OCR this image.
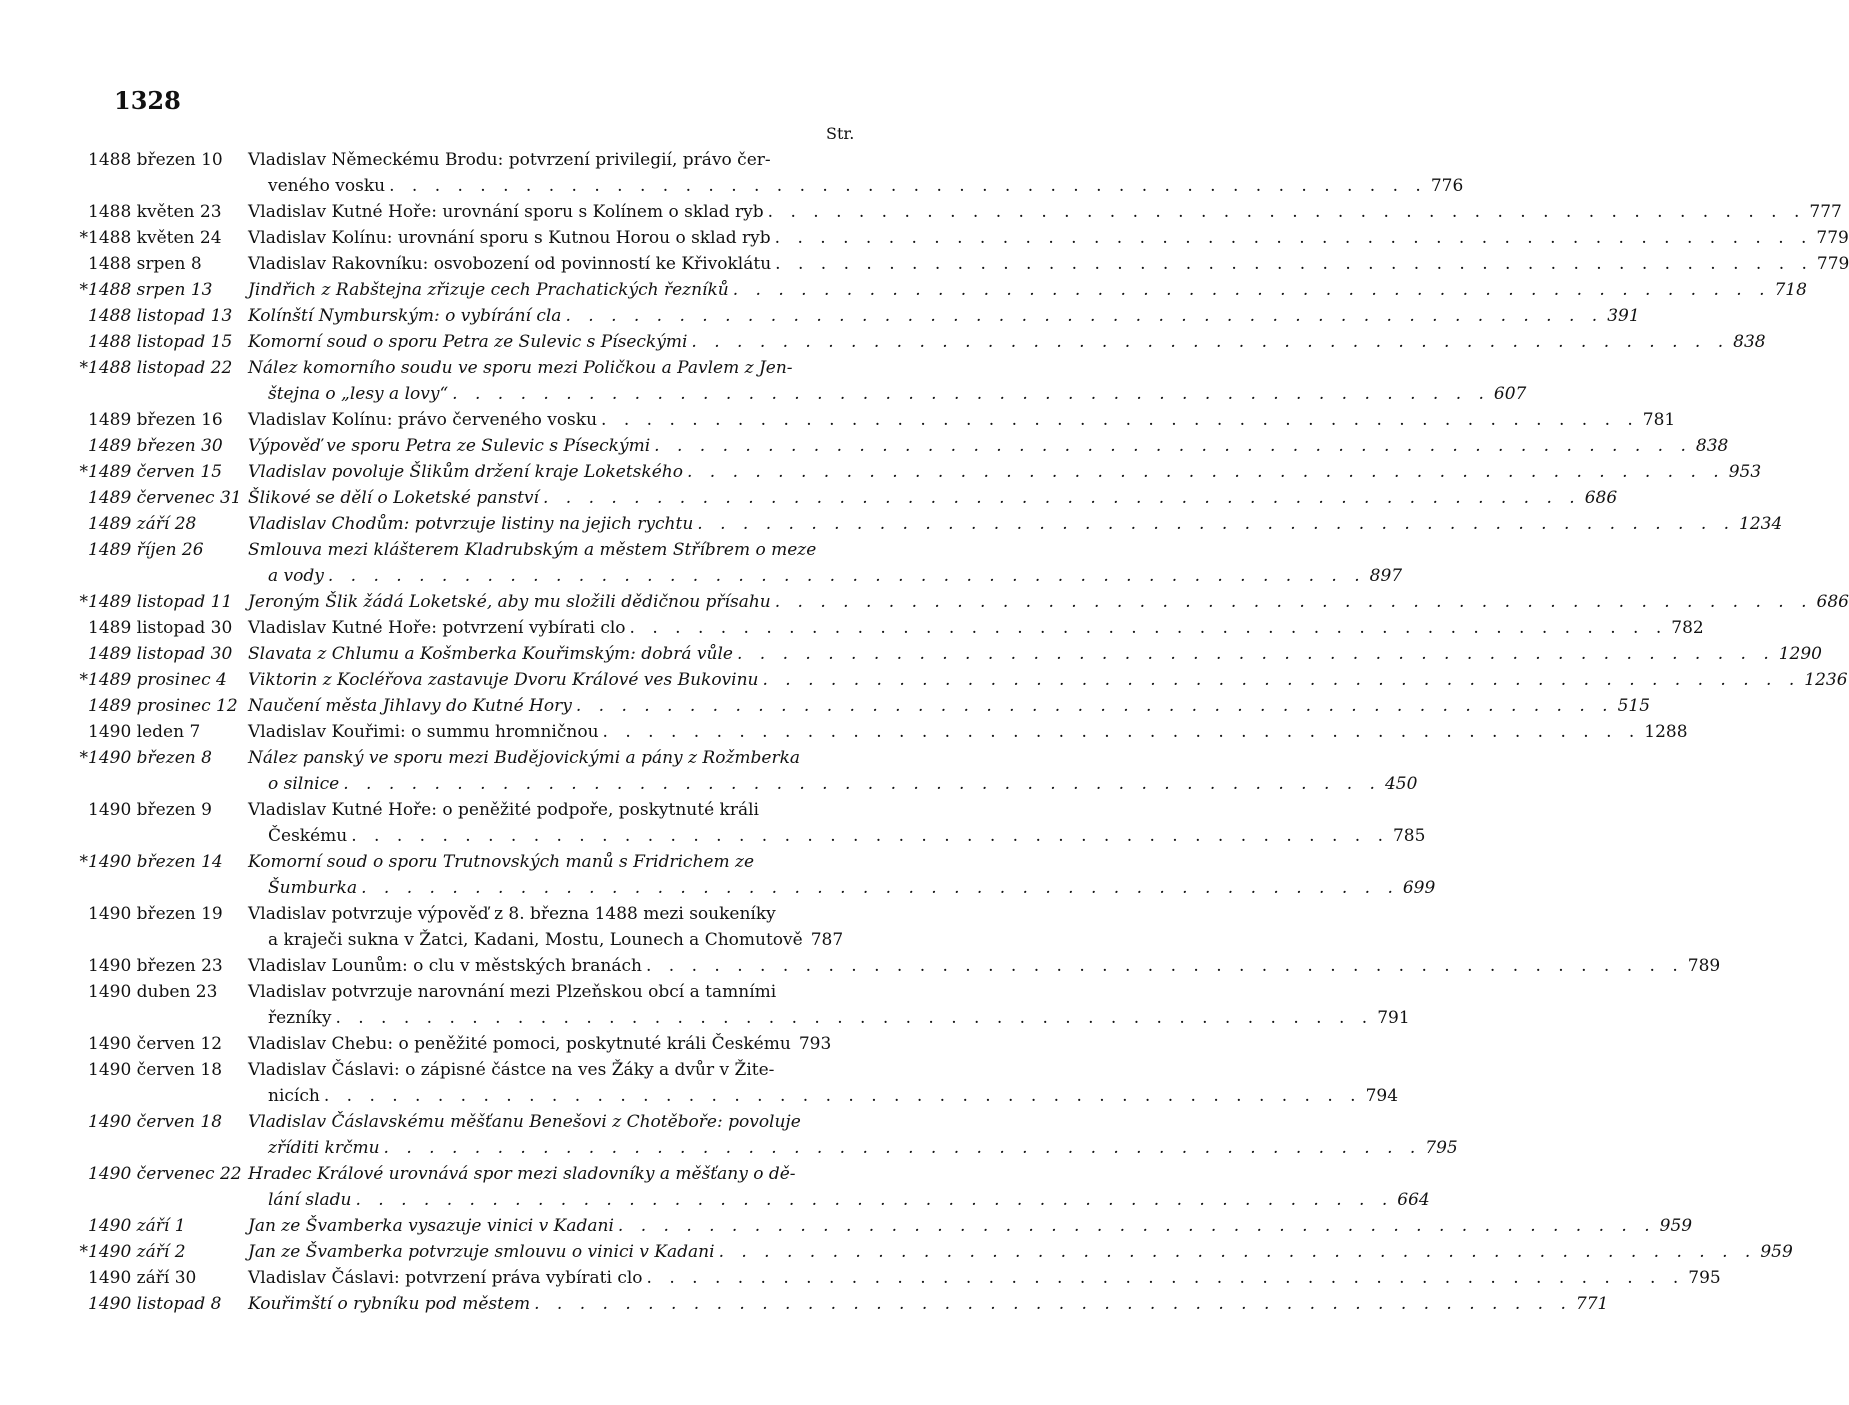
1328
Str.
1488 březen 10	Vladislav Německému Brodu: potvrzení privilegií, právo čer-
veného vosku . . . . . . . . . . . . . . . . . . . . . . . . . . . . . . . . . . . . . . . . . . . . . . 776
1488 květen 23	Vladislav Kutné Hoře: urovnání sporu s Kolínem o sklad ryb . . . . . . . . . . . . . . . . . . . . . . . . . . . . . . . . . . . . . . . . . . . . . . 777
* 1488 květen 24	Vladislav Kolínu: urovnání sporu s Kutnou Horou o sklad ryb . . . . . . . . . . . . . . . . . . . . . . . . . . . . . . . . . . . . . . . . . . . . . . 779
1488 srpen 8	Vladislav Rakovníku: osvobození od povinností ke Křivoklátu . . . . . . . . . . . . . . . . . . . . . . . . . . . . . . . . . . . . . . . . . . . . . . 779
* 1488 srpen 13	Jindřich z Rabštejna zřizuje cech Prachatických řezníků . . . . . . . . . . . . . . . . . . . . . . . . . . . . . . . . . . . . . . . . . . . . . . 718
1488 listopad 13 Kolínští Nymburským: o vybírání cla . . . . . . . . . . . . . . . . . . . . . . . . . . . . . . . . . . . . . . . . . . . . . . 391
1488 listopad 15 Komorní soud o sporu Petra ze Sulevic s Píseckými . . . . . . . . . . . . . . . . . . . . . . . . . . . . . . . . . . . . . . . . . . . . . . 838
* 1488 listopad 22 Nález komorního soudu ve sporu mezi Poličkou a Pavlem z Jen-
štejna o „lesy a lovy“ . . . . . . . . . . . . . . . . . . . . . . . . . . . . . . . . . . . . . . . . . . . . . . 607
1489 březen 16	Vladislav Kolínu: právo červeného vosku . . . . . . . . . . . . . . . . . . . . . . . . . . . . . . . . . . . . . . . . . . . . . . 781
1489 březen 30	Výpověď ve sporu Petra ze Sulevic s Píseckými . . . . . . . . . . . . . . . . . . . . . . . . . . . . . . . . . . . . . . . . . . . . . . 838
* 1489 červen 15	Vladislav povoluje Šlikům držení kraje Loketského . . . . . . . . . . . . . . . . . . . . . . . . . . . . . . . . . . . . . . . . . . . . . . 953
1489 červenec 31 Šlikové se dělí o Loketské panství . . . . . . . . . . . . . . . . . . . . . . . . . . . . . . . . . . . . . . . . . . . . . . 686
1489 září 28	Vladislav Chodům: potvrzuje listiny na jejich rychtu . . . . . . . . . . . . . . . . . . . . . . . . . . . . . . . . . . . . . . . . . . . . . . 1234
1489 říjen 26	Smlouva mezi klášterem Kladrubským a městem Stříbrem o meze
a vody . . . . . . . . . . . . . . . . . . . . . . . . . . . . . . . . . . . . . . . . . . . . . . 897
* 1489 listopad 11 Jeroným Šlik žádá Loketské, aby mu složili dědičnou přísahu . . . . . . . . . . . . . . . . . . . . . . . . . . . . . . . . . . . . . . . . . . . . . . 686
1489 listopad 30 Vladislav Kutné Hoře: potvrzení vybírati clo . . . . . . . . . . . . . . . . . . . . . . . . . . . . . . . . . . . . . . . . . . . . . . 782
1489 listopad 30 Slavata z Chlumu a Košmberka Kouřimským: dobrá vůle . . . . . . . . . . . . . . . . . . . . . . . . . . . . . . . . . . . . . . . . . . . . . . 1290
* 1489 prosinec 4	Viktorin z Kocléřova zastavuje Dvoru Králové ves Bukovinu . . . . . . . . . . . . . . . . . . . . . . . . . . . . . . . . . . . . . . . . . . . . . . 1236
1489 prosinec 12 Naučení města Jihlavy do Kutné Hory . . . . . . . . . . . . . . . . . . . . . . . . . . . . . . . . . . . . . . . . . . . . . . 515
1490 leden 7	Vladislav Kouřimi: o summu hromničnou . . . . . . . . . . . . . . . . . . . . . . . . . . . . . . . . . . . . . . . . . . . . . . 1288
* 1490 březen 8	Nález panský ve sporu mezi Budějovickými a pány z Rožmberka
o silnice . . . . . . . . . . . . . . . . . . . . . . . . . . . . . . . . . . . . . . . . . . . . . . 450
1490 březen 9	Vladislav Kutné Hoře: o peněžité podpoře, poskytnuté králi
Českému . . . . . . . . . . . . . . . . . . . . . . . . . . . . . . . . . . . . . . . . . . . . . . 785
* 1490 březen 14	Komorní soud o sporu Trutnovských manů s Fridrichem ze
Šumburka . . . . . . . . . . . . . . . . . . . . . . . . . . . . . . . . . . . . . . . . . . . . . . 699
1490 březen 19	Vladislav potvrzuje výpověď z 8. března 1488 mezi soukeníky
a kraječi sukna v Žatci, Kadani, Mostu, Lounech a Chomutově 787
1490 březen 23	Vladislav Lounům: o clu v městských branách . . . . . . . . . . . . . . . . . . . . . . . . . . . . . . . . . . . . . . . . . . . . . . 789
1490 duben 23	Vladislav potvrzuje narovnání mezi Plzeňskou obcí a tamními
řezníky . . . . . . . . . . . . . . . . . . . . . . . . . . . . . . . . . . . . . . . . . . . . . . 791
1490 červen 12	Vladislav Chebu: o peněžité pomoci, poskytnuté králi Českému 793
1490 červen 18	Vladislav Čáslavi: o zápisné částce na ves Žáky a dvůr v Žite-
nicích . . . . . . . . . . . . . . . . . . . . . . . . . . . . . . . . . . . . . . . . . . . . . . 794
1490 červen 18	Vladislav Čáslavskému měšťanu Benešovi z Chotěboře: povoluje
zříditi krčmu . . . . . . . . . . . . . . . . . . . . . . . . . . . . . . . . . . . . . . . . . . . . . . 795
1490 červenec 22 Hradec Králové urovnává spor mezi sladovníky a měšťany o dě-
lání sladu . . . . . . . . . . . . . . . . . . . . . . . . . . . . . . . . . . . . . . . . . . . . . . 664
1490 září 1	Jan ze Švamberka vysazuje vinici v Kadani . . . . . . . . . . . . . . . . . . . . . . . . . . . . . . . . . . . . . . . . . . . . . . 959
* 1490 září 2	Jan ze Švamberka potvrzuje smlouvu o vinici v Kadani . . . . . . . . . . . . . . . . . . . . . . . . . . . . . . . . . . . . . . . . . . . . . . 959
1490 září 30	Vladislav Čáslavi: potvrzení práva vybírati clo . . . . . . . . . . . . . . . . . . . . . . . . . . . . . . . . . . . . . . . . . . . . . . 795
1490 listopad 8	Kouřimští o rybníku pod městem . . . . . . . . . . . . . . . . . . . . . . . . . . . . . . . . . . . . . . . . . . . . . . 771
